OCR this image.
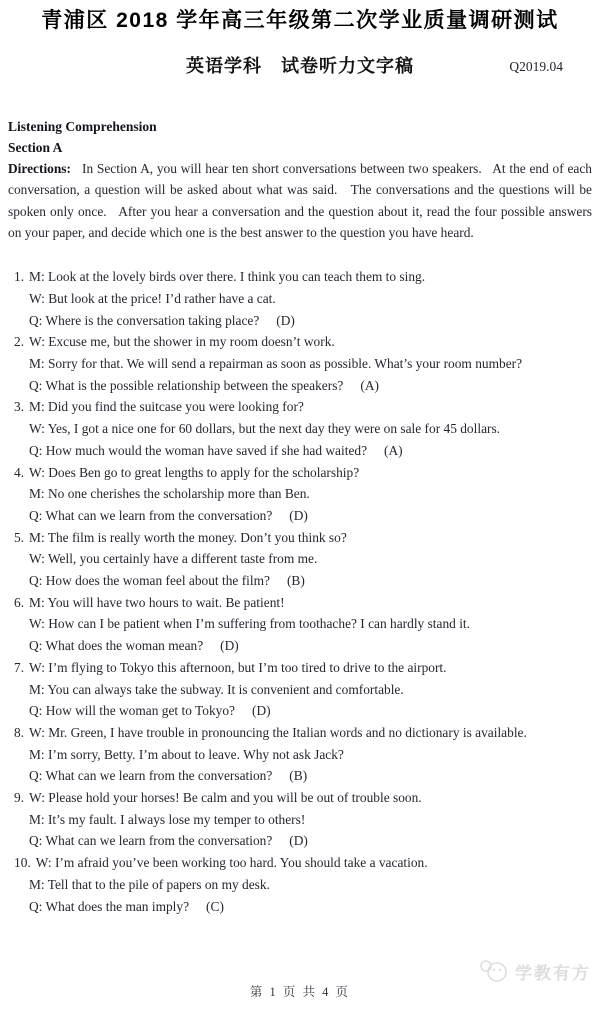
青浦区 2018 学年高三年级第二次学业质量调研测试
英语学科　试卷听力文字稿	Q2019.04
Listening Comprehension
Section A

Directions: In Section A, you will hear ten short conversations between two speakers.   At the end of each conversation, a question will be asked about what was said.   The conversations and the questions will be spoken only once.   After you hear a conversation and the question about it, read the four possible answers on your paper, and decide which one is the best answer to the question you have heard.

1. M: Look at the lovely birds over there. I think you can teach them to sing.
W: But look at the price! I’d rather have a cat.
Q: Where is the conversation taking place? (D)
2. W: Excuse me, but the shower in my room doesn’t work.
M: Sorry for that. We will send a repairman as soon as possible. What’s your room number?
Q: What is the possible relationship between the speakers? (A)
3. M: Did you find the suitcase you were looking for?
W: Yes, I got a nice one for 60 dollars, but the next day they were on sale for 45 dollars.
Q: How much would the woman have saved if she had waited? (A)
4. W: Does Ben go to great lengths to apply for the scholarship?
M: No one cherishes the scholarship more than Ben.
Q: What can we learn from the conversation? (D)
5. M: The film is really worth the money. Don’t you think so?
W: Well, you certainly have a different taste from me.
Q: How does the woman feel about the film? (B)
6. M: You will have two hours to wait. Be patient!
W: How can I be patient when I’m suffering from toothache? I can hardly stand it.
Q: What does the woman mean? (D)
7. W: I’m flying to Tokyo this afternoon, but I’m too tired to drive to the airport.
M: You can always take the subway. It is convenient and comfortable.
Q: How will the woman get to Tokyo? (D)
8. W: Mr. Green, I have trouble in pronouncing the Italian words and no dictionary is available.
M: I’m sorry, Betty. I’m about to leave. Why not ask Jack?
Q: What can we learn from the conversation? (B)
9. W: Please hold your horses! Be calm and you will be out of trouble soon.
M: It’s my fault. I always lose my temper to others!
Q: What can we learn from the conversation? (D)
10. W: I’m afraid you’ve been working too hard. You should take a vacation.
M: Tell that to the pile of papers on my desk.
Q: What does the man imply? (C)
学教有方
第 1 页 共 4 页
